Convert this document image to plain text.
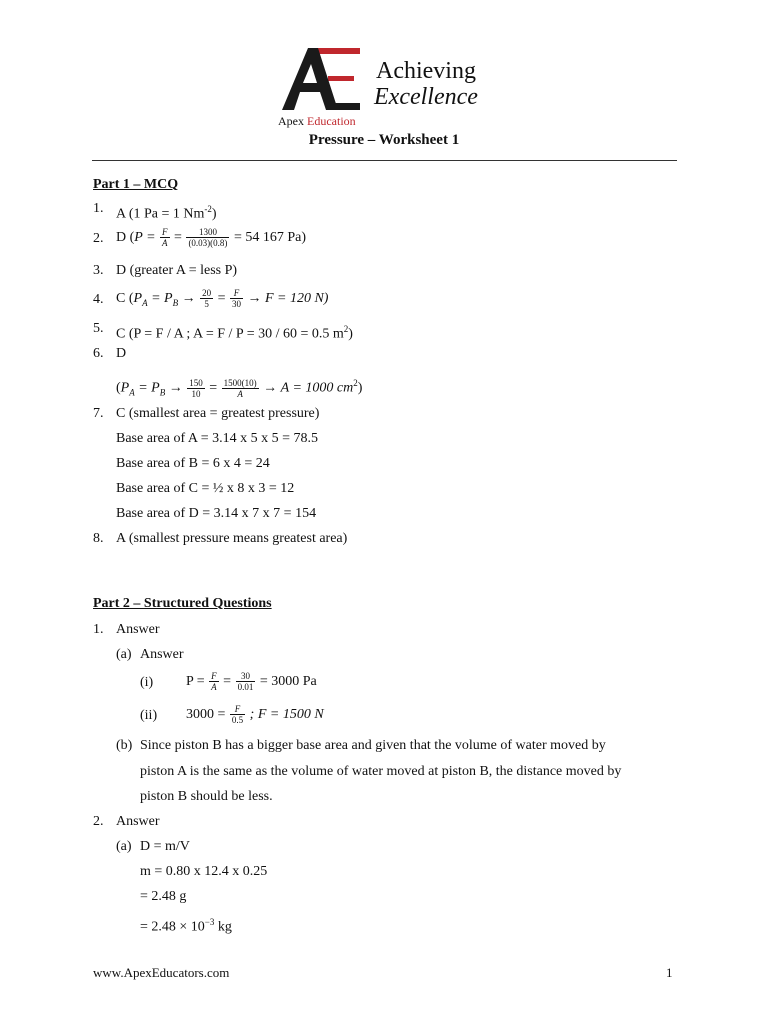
Achieving
Excellence
Apex Education
Pressure – Worksheet 1
Part 1 – MCQ
1. A (1 Pa = 1 $Nm^{-2}$)
2. D ($P = \frac{F}{A} = \frac{1300}{(0.03)(0.8)} = 54$ 167 Pa)
3. D (greater A = less P)
4. C ($P_A = P_B \to \frac{20}{5} = \frac{F}{30} \to F = 120$ N)
5. C (P = F / A ; A = F / P = 30 / 60 = 0.5 $m^2$)
6. D
($P_A = P_B \to \frac{150}{10} = \frac{1500(10)}{A} \to A = 1000$ $cm^2$)
7. C (smallest area = greatest pressure)
Base area of A = 3.14 x 5 x 5 = 78.5
Base area of B = 6 x 4 = 24
Base area of C = ½ x 8 x 3 = 12
Base area of D = 3.14 x 7 x 7 = 154
8. A (smallest pressure means greatest area)
Part 2 – Structured Questions
1. Answer
(a) Answer
(i) $P = \frac{F}{A} = \frac{30}{0.01} = 3000$ Pa
(ii) $3000 = \frac{F}{0.5}$ ; F = 1500 N
(b) Since piston B has a bigger base area and given that the volume of water moved by
piston A is the same as the volume of water moved at piston B, the distance moved by
piston B should be less.
2. Answer
(a) D = m/V
m = 0.80 x 12.4 x 0.25
= 2.48 g
= $2.48 \times 10^{-3}$ kg
www.ApexEducators.com	1
